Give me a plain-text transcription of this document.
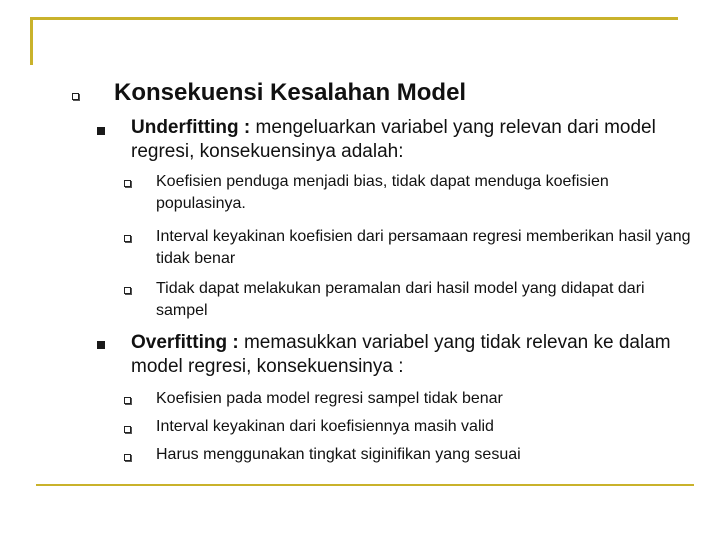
Konsekuensi Kesalahan Model
Underfitting : mengeluarkan variabel yang relevan dari model regresi, konsekuensinya adalah:
Koefisien penduga menjadi bias, tidak dapat menduga koefisien populasinya.
Interval keyakinan koefisien dari persamaan regresi memberikan hasil yang tidak benar
Tidak dapat melakukan peramalan dari hasil model yang didapat dari sampel
Overfitting : memasukkan variabel yang tidak relevan ke dalam model regresi, konsekuensinya :
Koefisien pada model regresi sampel tidak benar
Interval keyakinan dari koefisiennya masih valid
Harus menggunakan tingkat siginifikan yang sesuai
